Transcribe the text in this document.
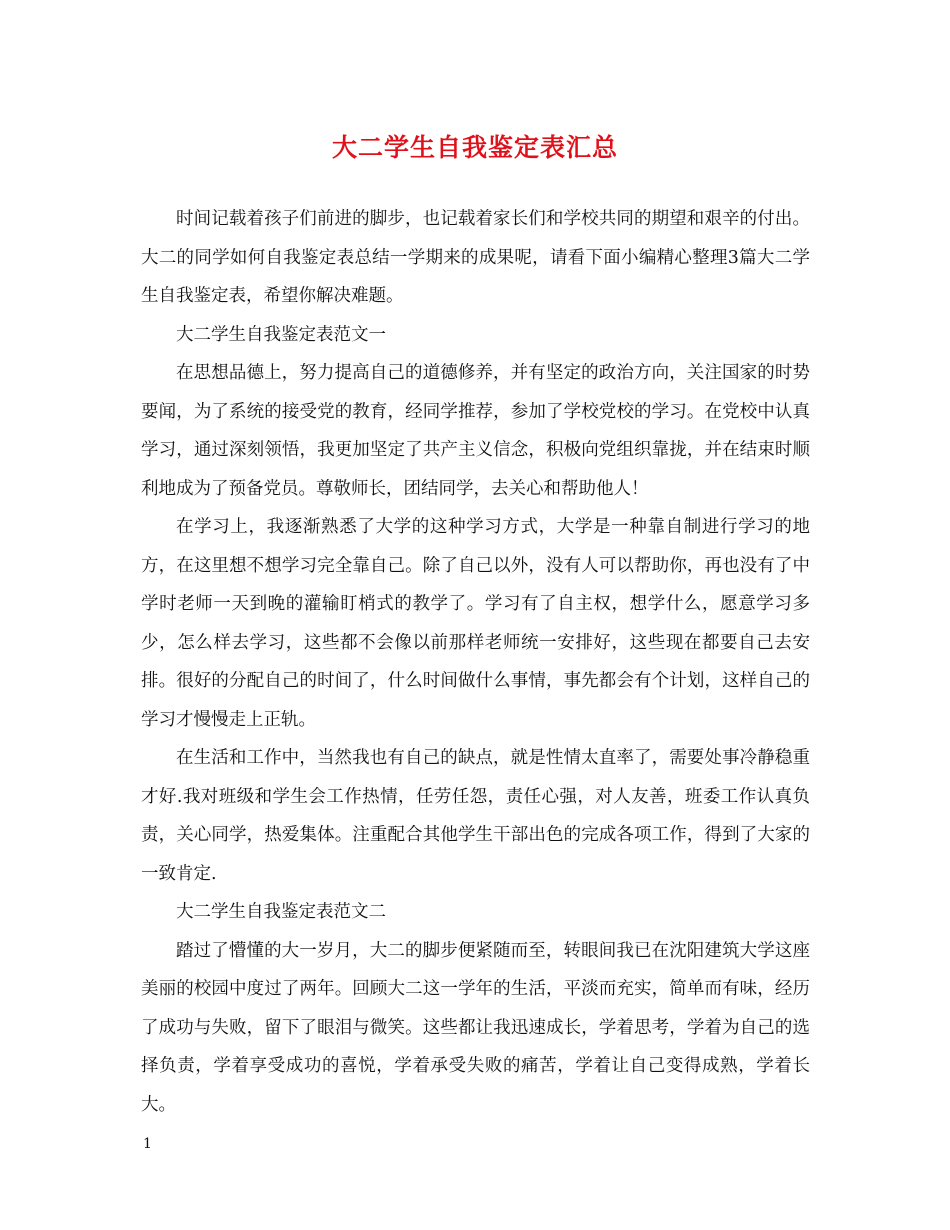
大二学生自我鉴定表汇总

时间记载着孩子们前进的脚步，也记载着家长们和学校共同的期望和艰辛的付出。大二的同学如何自我鉴定表总结一学期来的成果呢，请看下面小编精心整理3篇大二学生自我鉴定表，希望你解决难题。

大二学生自我鉴定表范文一

在思想品德上，努力提高自己的道德修养，并有坚定的政治方向，关注国家的时势要闻，为了系统的接受党的教育，经同学推荐，参加了学校党校的学习。在党校中认真学习，通过深刻领悟，我更加坚定了共产主义信念，积极向党组织靠拢，并在结束时顺利地成为了预备党员。尊敬师长，团结同学，去关心和帮助他人！

在学习上，我逐渐熟悉了大学的这种学习方式，大学是一种靠自制进行学习的地方，在这里想不想学习完全靠自己。除了自己以外，没有人可以帮助你，再也没有了中学时老师一天到晚的灌输盯梢式的教学了。学习有了自主权，想学什么，愿意学习多少，怎么样去学习，这些都不会像以前那样老师统一安排好，这些现在都要自己去安排。很好的分配自己的时间了，什么时间做什么事情，事先都会有个计划，这样自己的学习才慢慢走上正轨。

在生活和工作中，当然我也有自己的缺点，就是性情太直率了，需要处事冷静稳重才好.我对班级和学生会工作热情，任劳任怨，责任心强，对人友善，班委工作认真负责，关心同学，热爱集体。注重配合其他学生干部出色的完成各项工作，得到了大家的一致肯定.

大二学生自我鉴定表范文二

踏过了懵懂的大一岁月，大二的脚步便紧随而至，转眼间我已在沈阳建筑大学这座美丽的校园中度过了两年。回顾大二这一学年的生活，平淡而充实，简单而有味，经历了成功与失败，留下了眼泪与微笑。这些都让我迅速成长，学着思考，学着为自己的选择负责，学着享受成功的喜悦，学着承受失败的痛苦，学着让自己变得成熟，学着长大。

1
